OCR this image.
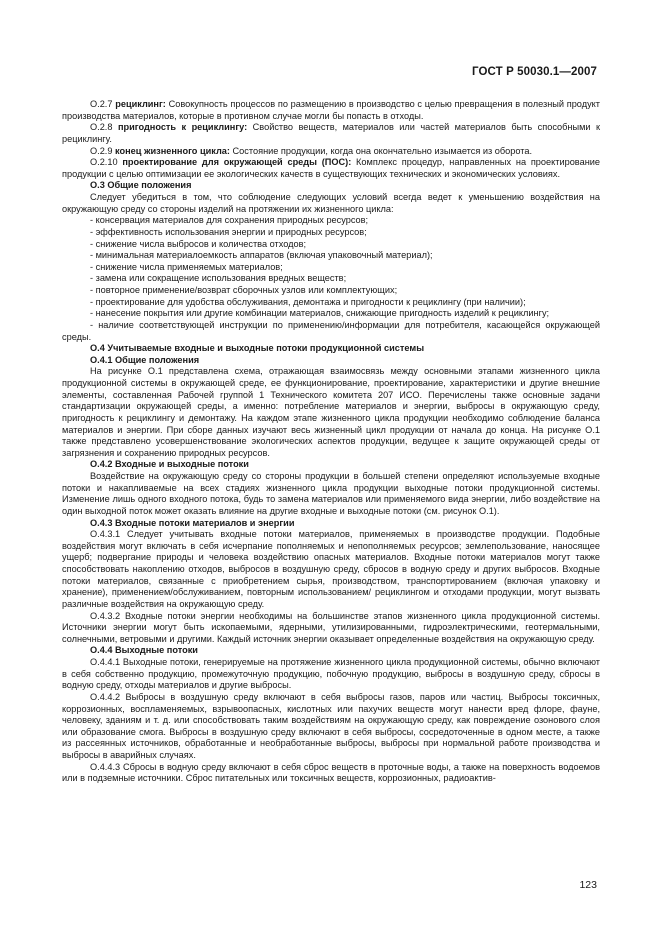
ГОСТ Р 50030.1—2007

О.2.7 рециклинг: Совокупность процессов по размещению в производство с целью превращения в полезный продукт производства материалов, которые в противном случае могли бы попасть в отходы.

О.2.8 пригодность к рециклингу: Свойство веществ, материалов или частей материалов быть способными к рециклингу.

О.2.9 конец жизненного цикла: Состояние продукции, когда она окончательно изымается из оборота.

О.2.10 проектирование для окружающей среды (ПОС): Комплекс процедур, направленных на проектирование продукции с целью оптимизации ее экологических качеств в существующих технических и экономических условиях.

О.3 Общие положения

Следует убедиться в том, что соблюдение следующих условий всегда ведет к уменьшению воздействия на окружающую среду со стороны изделий на протяжении их жизненного цикла:

- консервация материалов для сохранения природных ресурсов;

- эффективность использования энергии и природных ресурсов;

- снижение числа выбросов и количества отходов;

- минимальная материалоемкость аппаратов (включая упаковочный материал);

- снижение числа применяемых материалов;

- замена или сокращение использования вредных веществ;

- повторное применение/возврат сборочных узлов или комплектующих;

- проектирование для удобства обслуживания, демонтажа и пригодности к рециклингу (при наличии);

- нанесение покрытия или другие комбинации материалов, снижающие пригодность изделий к рециклингу;

- наличие соответствующей инструкции по применению/информации для потребителя, касающейся окружающей среды.

О.4 Учитываемые входные и выходные потоки продукционной системы

О.4.1 Общие положения

На рисунке О.1 представлена схема, отражающая взаимосвязь между основными этапами жизненного цикла продукционной системы в окружающей среде, ее функционирование, проектирование, характеристики и другие внешние элементы, составленная Рабочей группой 1 Технического комитета 207 ИСО. Перечислены также основные задачи стандартизации окружающей среды, а именно: потребление материалов и энергии, выбросы в окружающую среду, пригодность к рециклингу и демонтажу. На каждом этапе жизненного цикла продукции необходимо соблюдение баланса материалов и энергии. При сборе данных изучают весь жизненный цикл продукции от начала до конца. На рисунке О.1 также представлено усовершенствование экологических аспектов продукции, ведущее к защите окружающей среды от загрязнения и сохранению природных ресурсов.

О.4.2 Входные и выходные потоки

Воздействие на окружающую среду со стороны продукции в большей степени определяют используемые входные потоки и накапливаемые на всех стадиях жизненного цикла продукции выходные потоки продукционной системы. Изменение лишь одного входного потока, будь то замена материалов или применяемого вида энергии, либо воздействие на один выходной поток может оказать влияние на другие входные и выходные потоки (см. рисунок О.1).

О.4.3 Входные потоки материалов и энергии

О.4.3.1 Следует учитывать входные потоки материалов, применяемых в производстве продукции. Подобные воздействия могут включать в себя исчерпание пополняемых и непополняемых ресурсов; землепользование, наносящее ущерб; подвергание природы и человека воздействию опасных материалов. Входные потоки материалов могут также способствовать накоплению отходов, выбросов в воздушную среду, сбросов в водную среду и других выбросов. Входные потоки материалов, связанные с приобретением сырья, производством, транспортированием (включая упаковку и хранение), применением/обслуживанием, повторным использованием/ рециклингом и отходами продукции, могут вызвать различные воздействия на окружающую среду.

О.4.3.2 Входные потоки энергии необходимы на большинстве этапов жизненного цикла продукционной системы. Источники энергии могут быть ископаемыми, ядерными, утилизированными, гидроэлектрическими, геотермальными, солнечными, ветровыми и другими. Каждый источник энергии оказывает определенные воздействия на окружающую среду.

О.4.4 Выходные потоки

О.4.4.1 Выходные потоки, генерируемые на протяжение жизненного цикла продукционной системы, обычно включают в себя собственно продукцию, промежуточную продукцию, побочную продукцию, выбросы в воздушную среду, сбросы в водную среду, отходы материалов и другие выбросы.

О.4.4.2 Выбросы в воздушную среду включают в себя выбросы газов, паров или частиц. Выбросы токсичных, коррозионных, воспламеняемых, взрывоопасных, кислотных или пахучих веществ могут нанести вред флоре, фауне, человеку, зданиям и т. д. или способствовать таким воздействиям на окружающую среду, как повреждение озонового слоя или образование смога. Выбросы в воздушную среду включают в себя выбросы, сосредоточенные в одном месте, а также из рассеянных источников, обработанные и необработанные выбросы, выбросы при нормальной работе производства и выбросы в аварийных случаях.

О.4.4.3 Сбросы в водную среду включают в себя сброс веществ в проточные воды, а также на поверхность водоемов или в подземные источники. Сброс питательных или токсичных веществ, коррозионных, радиоактив-

123
